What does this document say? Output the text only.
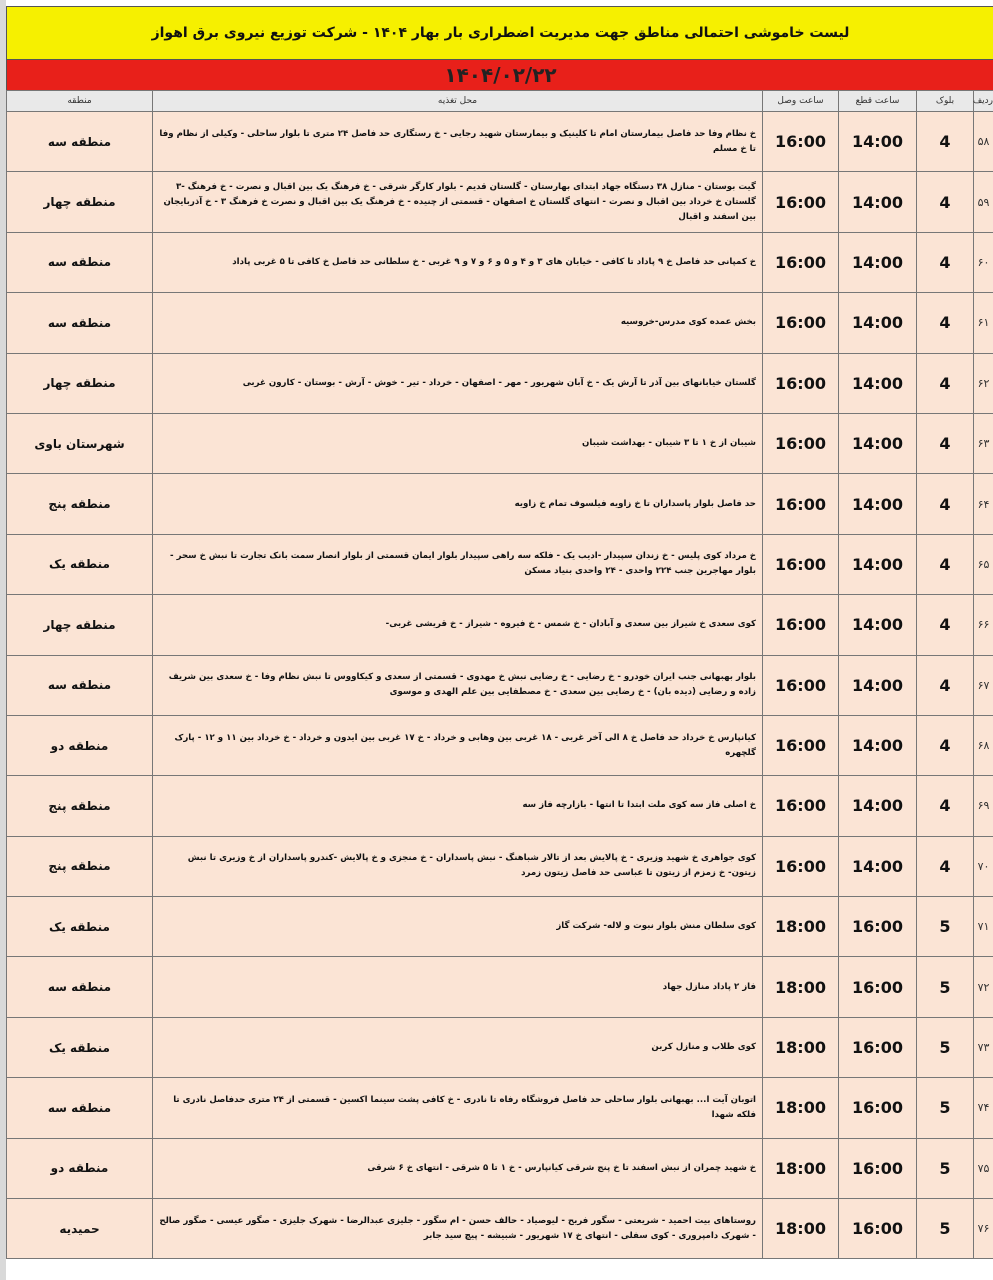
لیست خاموشی احتمالی مناطق جهت مدیریت اضطراری بار بهار ۱۴۰۴ - شرکت توزیع نیروی برق اهواز
۱۴۰۴/۰۲/۲۲
ردیف	بلوک	ساعت قطع	ساعت وصل	محل تغذیه	منطقه
۵۸	4	14:00	16:00	خ نظام وفا حد فاصل بیمارستان امام تا کلینیک و بیمارستان شهید رجایی - خ رستگاری حد فاصل ۲۴ متری تا بلوار ساحلی - وکیلی از نظام وفا تا خ مسلم	منطقه سه
۵۹	4	14:00	16:00	گیت بوستان - منازل ۳۸ دستگاه جهاد ابتدای بهارستان - گلستان قدیم - بلوار کارگر شرقی - خ فرهنگ یک بین اقبال و نصرت - خ فرهنگ -۳ گلستان خ خرداد بین اقبال و نصرت - انتهای گلستان خ اصفهان - قسمتی از چنیده - خ فرهنگ یک بین اقبال و نصرت خ فرهنگ ۳ - خ آذربایجان بین اسفند و اقبال	منطقه چهار
۶۰	4	14:00	16:00	خ کمپانی حد فاصل خ ۹ پاداد تا کافی - خیابان های ۳ و ۴ و ۵ و ۶ و ۷ و ۹ غربی - خ سلطانی حد فاصل خ کافی تا ۵ غربی پاداد	منطقه سه
۶۱	4	14:00	16:00	بخش عمده کوی مدرس-خروسیه	منطقه سه
۶۲	4	14:00	16:00	گلستان خیابانهای بین آذر تا آرش یک - خ آبان شهریور - مهر - اصفهان - خرداد - تیر - خوش - آرش - بوستان - کارون غربی	منطقه چهار
۶۳	4	14:00	16:00	شیبان از خ ۱ تا ۳ شیبان - بهداشت شیبان	شهرستان باوی
۶۴	4	14:00	16:00	حد فاصل بلوار پاسداران تا خ زاویه فیلسوف تمام خ زاویه	منطقه پنج
۶۵	4	14:00	16:00	خ مرداد کوی پلیس - خ زندان سپیدار -ادیب یک - فلکه سه راهی سپیدار بلوار ایمان قسمتی از بلوار انصار سمت بانک تجارت تا نبش خ سحر - بلوار مهاجرین جنب ۲۲۴ واحدی - ۲۴ واحدی بنیاد مسکن	منطقه یک
۶۶	4	14:00	16:00	کوی سعدی خ شیراز بین سعدی و آبادان - خ شمس - خ فیروه - شیراز - خ قریشی غربی-	منطقه چهار
۶۷	4	14:00	16:00	بلوار بهبهانی جنب ایران خودرو - خ رضایی - خ رضایی نبش خ مهدوی - قسمتی از سعدی و کیکاووس تا نبش نظام وفا - خ سعدی بین شریف زاده و رضایی (دیده بان) - خ رضایی بین سعدی - خ مصطفایی بین علم الهدی و موسوی	منطقه سه
۶۸	4	14:00	16:00	کیانپارس خ خرداد حد فاصل خ ۸ الی آخر غربی - ۱۸ غربی بین وهابی و خرداد - خ ۱۷ غربی بین ایدون و خرداد - خ خرداد بین ۱۱ و ۱۲ - پارک گلچهره	منطقه دو
۶۹	4	14:00	16:00	خ اصلی فاز سه کوی ملت ابتدا تا انتها - بازارچه فاز سه	منطقه پنج
۷۰	4	14:00	16:00	کوی جواهری خ شهید وزیری - خ پالایش بعد از تالار شباهنگ - نبش پاسداران - خ منجزی و خ پالایش -کندرو پاسداران از خ وزیری تا نبش زیتون- خ زمزم از زیتون تا عباسی حد فاصل زیتون زمرد	منطقه پنج
۷۱	5	16:00	18:00	کوی سلطان منش بلوار نبوت و لاله- شرکت گاز	منطقه یک
۷۲	5	16:00	18:00	فاز ۲ پاداد منازل جهاد	منطقه سه
۷۳	5	16:00	18:00	کوی طلاب و منازل کربن	منطقه یک
۷۴	5	16:00	18:00	اتوبان آیت ا... بهبهانی بلوار ساحلی حد فاصل فروشگاه رفاه تا نادری - خ کافی پشت سینما اکسین - قسمتی از ۲۴ متری حدفاصل نادری تا فلکه شهدا	منطقه سه
۷۵	5	16:00	18:00	خ شهید چمران از نبش اسفند تا خ پنج شرقی کیانپارس - خ ۱ تا ۵ شرقی - انتهای خ ۶ شرقی	منطقه دو
۷۶	5	16:00	18:00	روستاهای بیت احمید - شریعتی - سگور فریح - لیوصیاد - حالف حسن - ام سگور - جلیزی عبدالرضا - شهرک جلیزی - صگور عیسی - صگور صالح - شهرک دامپروری - کوی سفلی - انتهای خ ۱۷ شهریور - شبیشه - پیچ سید جابر	حمیدیه
